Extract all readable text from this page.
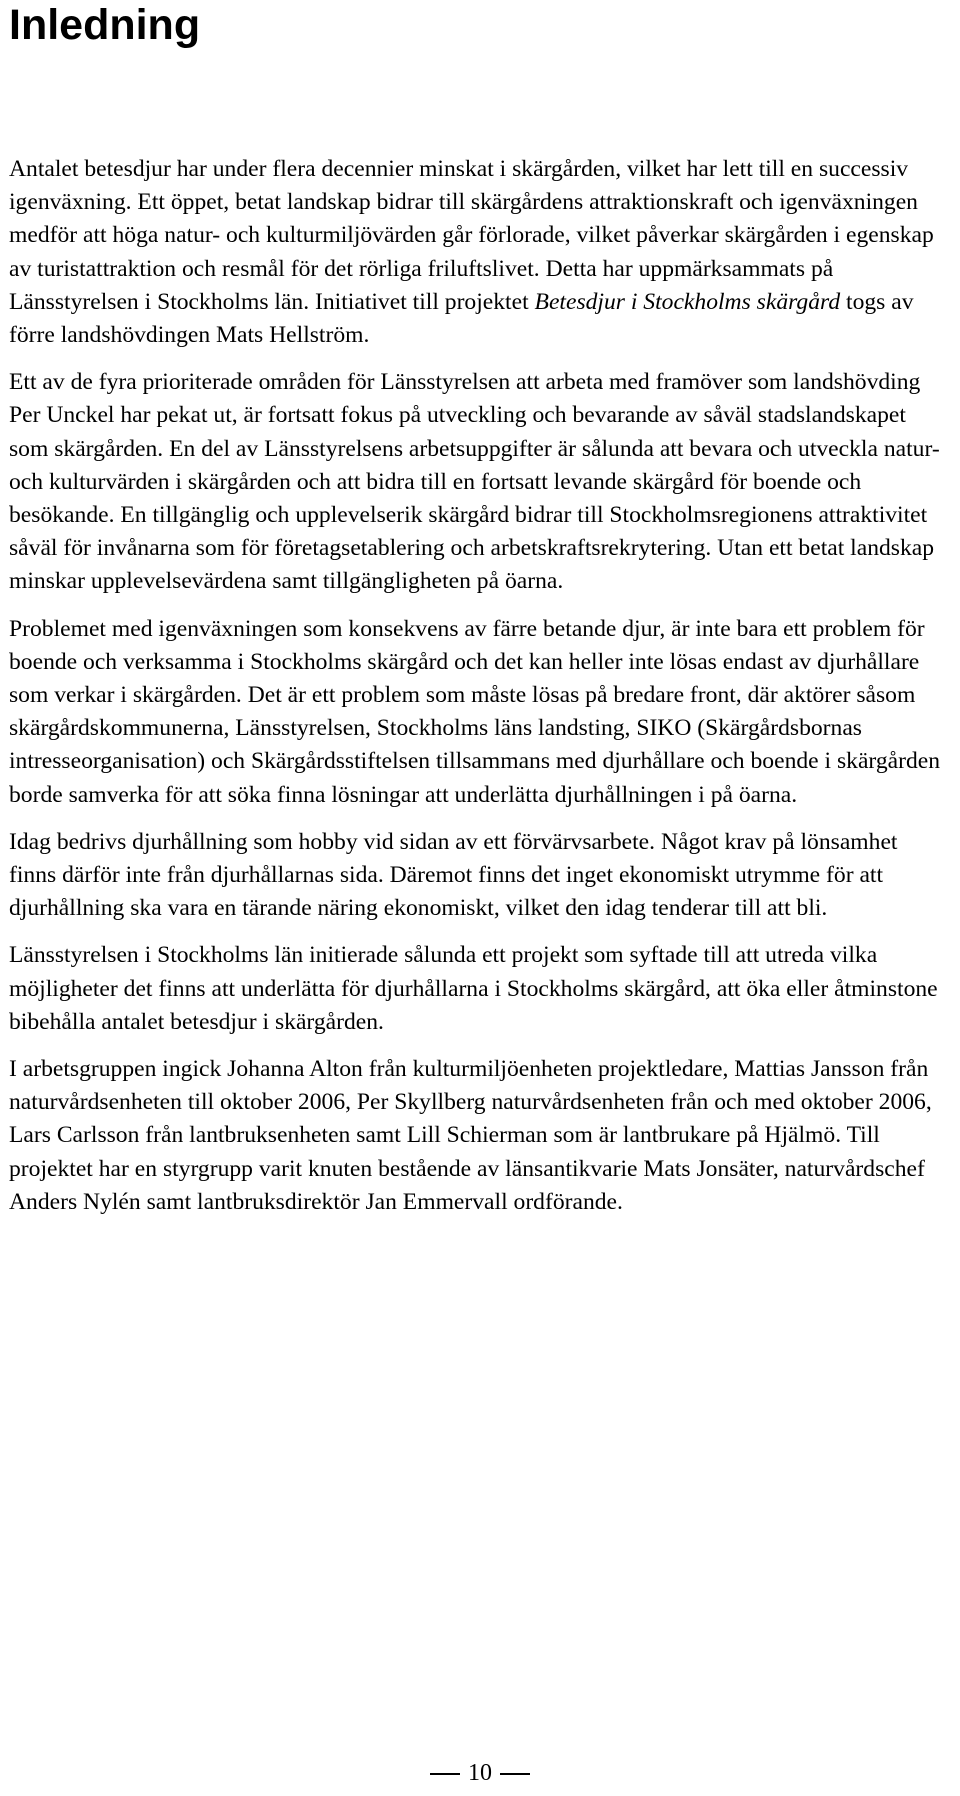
Inledning

Antalet betesdjur har under flera decennier minskat i skärgården, vilket har lett till en successiv igenväxning. Ett öppet, betat landskap bidrar till skärgårdens attraktionskraft och igenväxningen medför att höga natur- och kulturmiljövärden går förlorade, vilket påverkar skärgården i egenskap av turistattraktion och resmål för det rörliga friluftslivet. Detta har uppmärksammats på Länsstyrelsen i Stockholms län. Initiativet till projektet Betesdjur i Stockholms skärgård togs av förre landshövdingen Mats Hellström.

Ett av de fyra prioriterade områden för Länsstyrelsen att arbeta med framöver som landshövding Per Unckel har pekat ut, är fortsatt fokus på utveckling och bevarande av såväl stadslandskapet som skärgården. En del av Länsstyrelsens arbetsuppgifter är sålunda att bevara och utveckla natur- och kulturvärden i skärgården och att bidra till en fortsatt levande skärgård för boende och besökande. En tillgänglig och upplevelserik skärgård bidrar till Stockholmsregionens attraktivitet såväl för invånarna som för företagsetablering och arbetskraftsrekrytering. Utan ett betat landskap minskar upplevelsevärdena samt tillgängligheten på öarna.

Problemet med igenväxningen som konsekvens av färre betande djur, är inte bara ett problem för boende och verksamma i Stockholms skärgård och det kan heller inte lösas endast av djurhållare som verkar i skärgården. Det är ett problem som måste lösas på bredare front, där aktörer såsom skärgårdskommunerna, Länsstyrelsen, Stockholms läns landsting, SIKO (Skärgårdsbornas intresseorganisation) och Skärgårdsstiftelsen tillsammans med djurhållare och boende i skärgården borde samverka för att söka finna lösningar att underlätta djurhållningen i på öarna.

Idag bedrivs djurhållning som hobby vid sidan av ett förvärvsarbete. Något krav på lönsamhet finns därför inte från djurhållarnas sida. Däremot finns det inget ekonomiskt utrymme för att djurhållning ska vara en tärande näring ekonomiskt, vilket den idag tenderar till att bli.

Länsstyrelsen i Stockholms län initierade sålunda ett projekt som syftade till att utreda vilka möjligheter det finns att underlätta för djurhållarna i Stockholms skärgård, att öka eller åtminstone bibehålla antalet betesdjur i skärgården.

I arbetsgruppen ingick Johanna Alton från kulturmiljöenheten projektledare, Mattias Jansson från naturvårdsenheten till oktober 2006, Per Skyllberg naturvårdsenheten från och med oktober 2006, Lars Carlsson från lantbruksenheten samt Lill Schierman som är lantbrukare på Hjälmö. Till projektet har en styrgrupp varit knuten bestående av länsantikvarie Mats Jonsäter, naturvårdschef Anders Nylén samt lantbruksdirektör Jan Emmervall ordförande.

10
